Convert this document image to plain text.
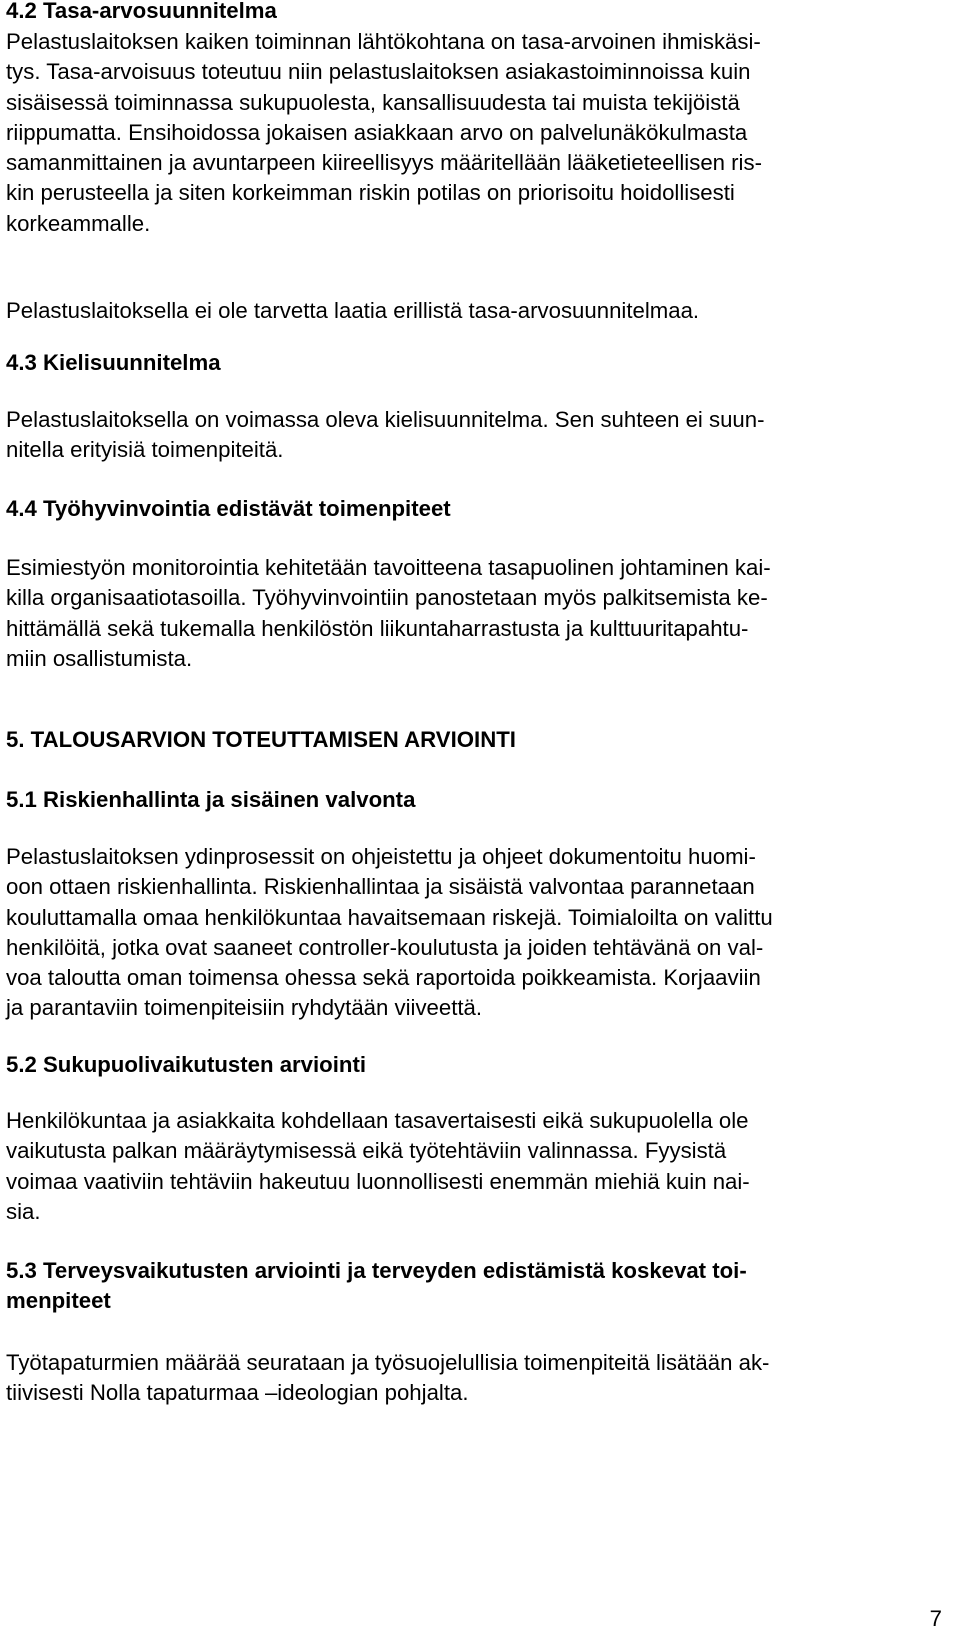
4.2 Tasa-arvosuunnitelma

Pelastuslaitoksen kaiken toiminnan lähtökohtana on tasa-arvoinen ihmiskäsi-
tys. Tasa-arvoisuus toteutuu niin pelastuslaitoksen asiakastoiminnoissa kuin
sisäisessä toiminnassa sukupuolesta, kansallisuudesta tai muista tekijöistä
riippumatta. Ensihoidossa jokaisen asiakkaan arvo on palvelunäkökulmasta
samanmittainen ja avuntarpeen kiireellisyys määritellään lääketieteellisen ris-
kin perusteella ja siten korkeimman riskin potilas on priorisoitu hoidollisesti
korkeammalle.

Pelastuslaitoksella ei ole tarvetta laatia erillistä tasa-arvosuunnitelmaa.

4.3 Kielisuunnitelma

Pelastuslaitoksella on voimassa oleva kielisuunnitelma. Sen suhteen ei suun-
nitella erityisiä toimenpiteitä.

4.4 Työhyvinvointia edistävät toimenpiteet

Esimiestyön monitorointia kehitetään tavoitteena tasapuolinen johtaminen kai-
killa organisaatiotasoilla. Työhyvinvointiin panostetaan myös palkitsemista ke-
hittämällä sekä tukemalla henkilöstön liikuntaharrastusta ja kulttuuritapahtu-
miin osallistumista.

5. TALOUSARVION TOTEUTTAMISEN ARVIOINTI
5.1 Riskienhallinta ja sisäinen valvonta

Pelastuslaitoksen ydinprosessit on ohjeistettu ja ohjeet dokumentoitu huomi-
oon ottaen riskienhallinta. Riskienhallintaa ja sisäistä valvontaa parannetaan
kouluttamalla omaa henkilökuntaa havaitsemaan riskejä. Toimialoilta on valittu
henkilöitä, jotka ovat saaneet controller-koulutusta ja joiden tehtävänä on val-
voa taloutta oman toimensa ohessa sekä raportoida poikkeamista. Korjaaviin
ja parantaviin toimenpiteisiin ryhdytään viiveettä.

5.2 Sukupuolivaikutusten arviointi

Henkilökuntaa ja asiakkaita kohdellaan tasavertaisesti eikä sukupuolella ole
vaikutusta palkan määräytymisessä eikä työtehtäviin valinnassa. Fyysistä
voimaa vaativiin tehtäviin hakeutuu luonnollisesti enemmän miehiä kuin nai-
sia.

5.3 Terveysvaikutusten arviointi ja terveyden edistämistä koskevat toi-
menpiteet

Työtapaturmien määrää seurataan ja työsuojelullisia toimenpiteitä lisätään ak-
tiivisesti Nolla tapaturmaa –ideologian pohjalta.

7
